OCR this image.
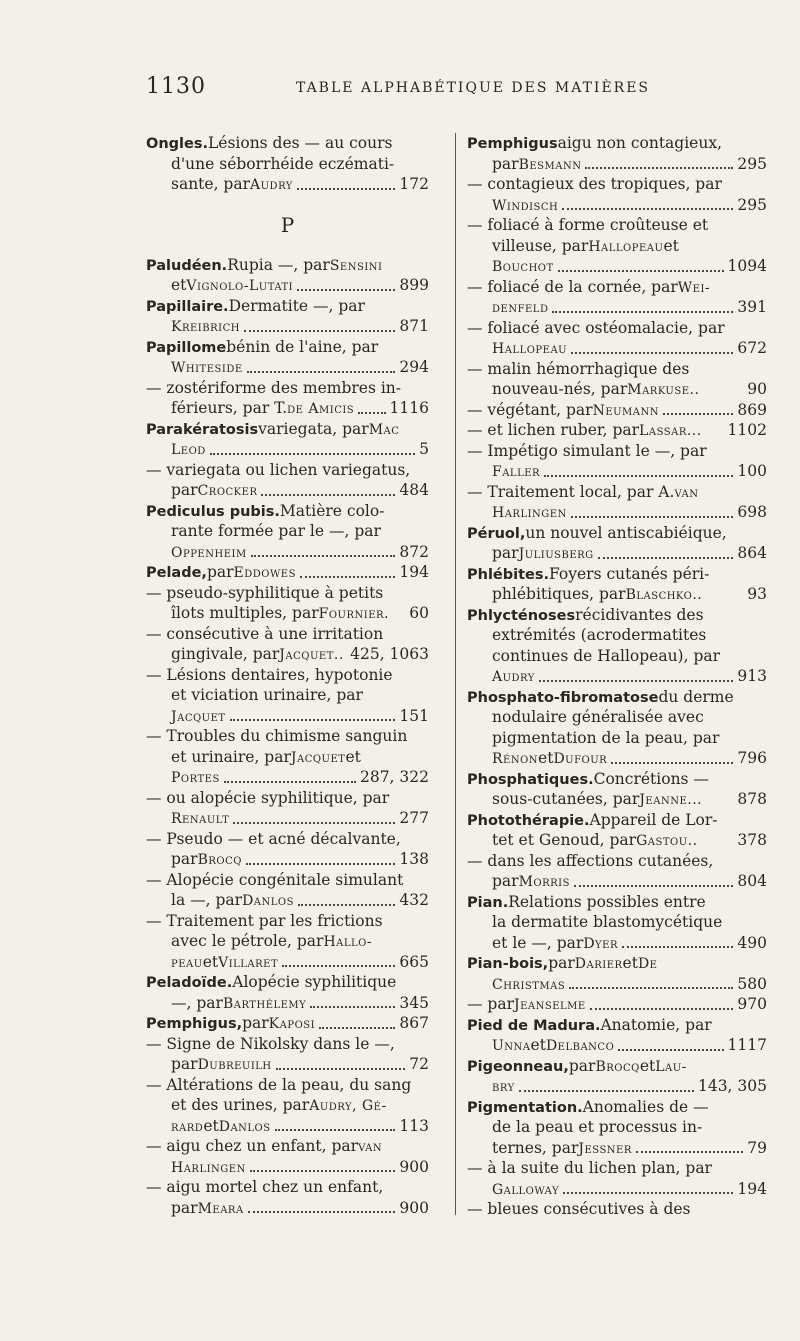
1130	TABLE ALPHABÉTIQUE DES MATIÈRES
Ongles. Lésions des — au cours
d'une séborrhéide eczémati-
sante, par Audry	172
P
Paludéen. Rupia —, par Sensini
et Vignolo-Lutati	899
Papillaire. Dermatite —, par
Kreibrich	871
Papillome bénin de l'aine, par
Whiteside	294
— zostériforme des membres in-
férieurs, par T. de Amicis 1116
Parakératosis variegata, par Mac
Leod	5
— variegata ou lichen variegatus,
par Crocker	484
Pediculus pubis. Matière colo-
rante formée par le —, par
Oppenheim	872
Pelade, par Eddowes	194
— pseudo-syphilitique à petits
îlots multiples, par Fournier. 60
— consécutive à une irritation
gingivale, par Jacquet.. 425, 1063
— Lésions dentaires, hypotonie
et viciation urinaire, par
Jacquet	151
— Troubles du chimisme sanguin
et urinaire, par Jacquet et
Portes	287, 322
— ou alopécie syphilitique, par
Renault	277
— Pseudo — et acné décalvante,
par Brocq	138
— Alopécie congénitale simulant
la —, par Danlos	432
— Traitement par les frictions
avec le pétrole, par Hallo-
peau et Villaret	665
Peladoïde. Alopécie syphilitique
—, par Barthélemy	345
Pemphigus, par Kaposi	867
— Signe de Nikolsky dans le —,
par Dubreuilh	72
— Altérations de la peau, du sang
et des urines, par Audry, Gé-
rard et Danlos	113
— aigu chez un enfant, par van
Harlingen	900
— aigu mortel chez un enfant,
par Meara	900
Pemphigus aigu non contagieux,
par Besmann	295
— contagieux des tropiques, par
Windisch	295
— foliacé à forme croûteuse et
villeuse, par Hallopeau et
Bouchot	1094
— foliacé de la cornée, par Wei-
denfeld	391
— foliacé avec ostéomalacie, par
Hallopeau	672
— malin hémorrhagique des
nouveau-nés, par Markuse..	90
— végétant, par Neumann	869
— et lichen ruber, par Lassar... 1102
— Impétigo simulant le —, par
Faller	100
— Traitement local, par A. van
Harlingen	698
Péruol, un nouvel antiscabiéique,
par Juliusberg	864
Phlébites. Foyers cutanés péri-
phlébitiques, par Blaschko..	93
Phlycténoses récidivantes des
extrémités (acrodermatites
continues de Hallopeau), par
Audry	913
Phosphato-fibromatose du derme
nodulaire généralisée avec
pigmentation de la peau, par
Rénon et Dufour	796
Phosphatiques. Concrétions —
sous-cutanées, par Jeanne... 878
Photothérapie. Appareil de Lor-
tet et Genoud, par Gastou..	378
— dans les affections cutanées,
par Morris	804
Pian. Relations possibles entre
la dermatite blastomycétique
et le —, par Dyer	490
Pian-bois, par Darier et De
Christmas	580
— par Jeanselme	970
Pied de Madura. Anatomie, par
Unna et Delbanco	1117
Pigeonneau, par Brocq et Lau-
bry	143, 305
Pigmentation. Anomalies de —
de la peau et processus in-
ternes, par Jessner	79
— à la suite du lichen plan, par
Galloway	194
— bleues consécutives à des
